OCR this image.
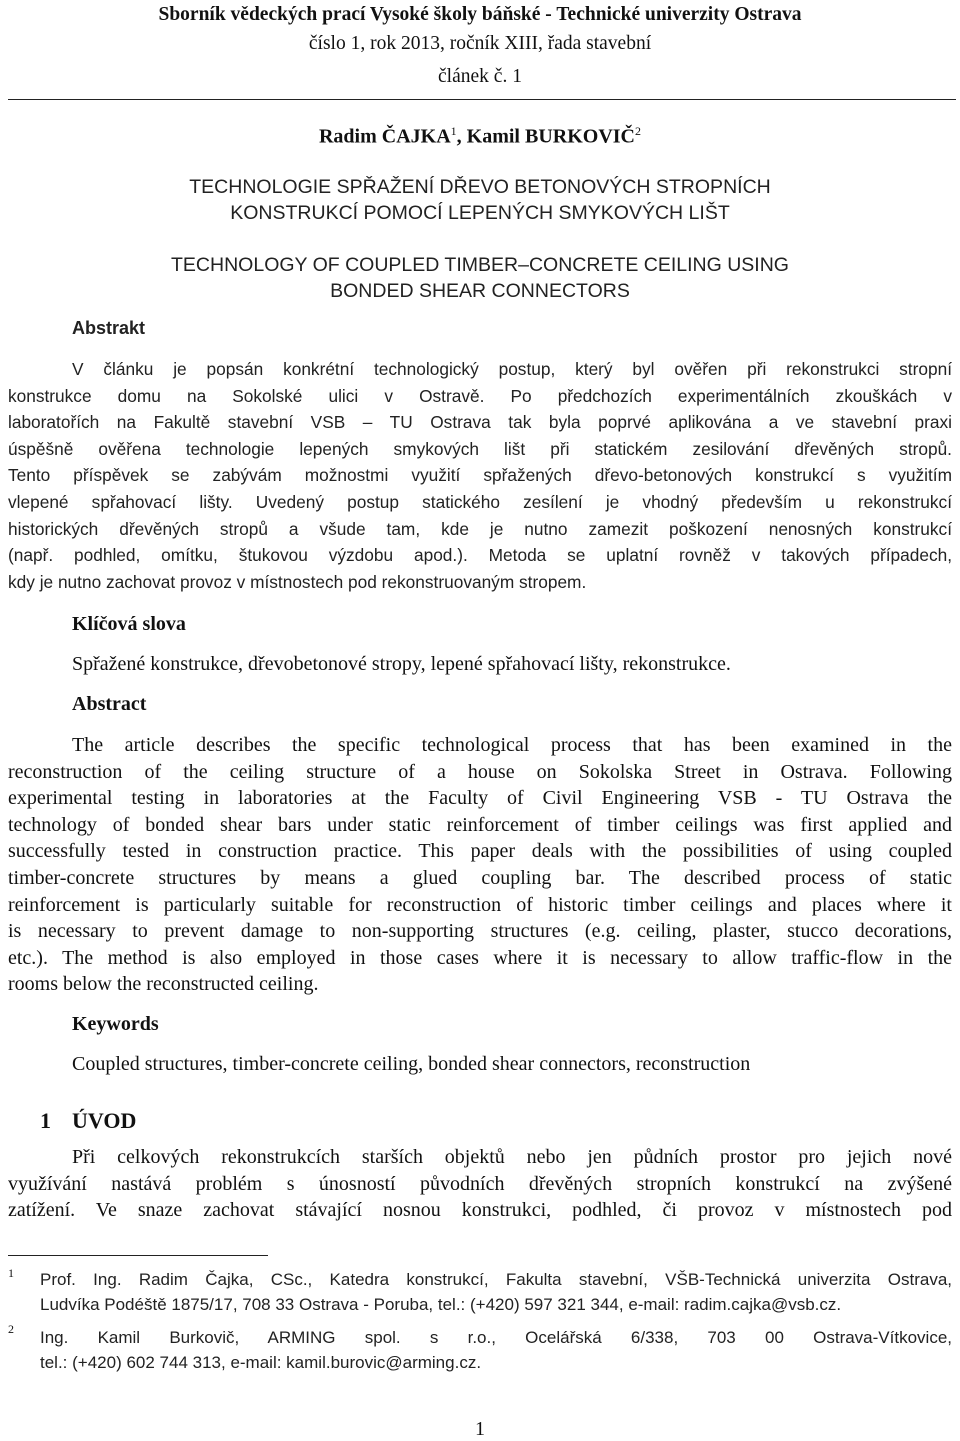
Sborník vědeckých prací Vysoké školy báňské - Technické univerzity Ostrava
číslo 1, rok 2013, ročník XIII, řada stavební
článek č. 1
Radim ČAJKA$^1$, Kamil BURKOVIČ$^2$
TECHNOLOGIE SPŘAŽENÍ DŘEVO BETONOVÝCH STROPNÍCH
KONSTRUKCÍ POMOCÍ LEPENÝCH SMYKOVÝCH LIŠT
TECHNOLOGY OF COUPLED TIMBER–CONCRETE CEILING USING
BONDED SHEAR CONNECTORS
Abstrakt
V článku je popsán konkrétní technologický postup, který byl ověřen při rekonstrukci stropní
konstrukce domu na Sokolské ulici v Ostravě. Po předchozích experimentálních zkouškách v
laboratořích na Fakultě stavební VSB – TU Ostrava tak byla poprvé aplikována a ve stavební praxi
úspěšně ověřena technologie lepených smykových lišt při statickém zesilování dřevěných stropů.
Tento příspěvek se zabývám možnostmi využití spřažených dřevo-betonových konstrukcí s využitím
vlepené spřahovací lišty. Uvedený postup statického zesílení je vhodný především u rekonstrukcí
historických dřevěných stropů a všude tam, kde je nutno zamezit poškození nenosných konstrukcí
(např. podhled, omítku, štukovou výzdobu apod.). Metoda se uplatní rovněž v takových případech,
kdy je nutno zachovat provoz v místnostech pod rekonstruovaným stropem.
Klíčová slova
Spřažené konstrukce, dřevobetonové stropy, lepené spřahovací lišty, rekonstrukce.
Abstract
The article describes the specific technological process that has been examined in the
reconstruction of the ceiling structure of a house on Sokolska Street in Ostrava. Following
experimental testing in laboratories at the Faculty of Civil Engineering VSB - TU Ostrava the
technology of bonded shear bars under static reinforcement of timber ceilings was first applied and
successfully tested in construction practice. This paper deals with the possibilities of using coupled
timber-concrete structures by means a glued coupling bar. The described process of static
reinforcement is particularly suitable for reconstruction of historic timber ceilings and places where it
is necessary to prevent damage to non-supporting structures (e.g. ceiling, plaster, stucco decorations,
etc.). The method is also employed in those cases where it is necessary to allow traffic-flow in the
rooms below the reconstructed ceiling.
Keywords
Coupled structures, timber-concrete ceiling, bonded shear connectors, reconstruction
1 ÚVOD
Při celkových rekonstrukcích starších objektů nebo jen půdních prostor pro jejich nové
využívání nastává problém s únosností původních dřevěných stropních konstrukcí na zvýšené
zatížení. Ve snaze zachovat stávající nosnou konstrukci, podhled, či provoz v místnostech pod
1 Prof. Ing. Radim Čajka, CSc., Katedra konstrukcí, Fakulta stavební, VŠB-Technická univerzita Ostrava,
Ludvíka Podéště 1875/17, 708 33 Ostrava - Poruba, tel.: (+420) 597 321 344, e-mail: radim.cajka@vsb.cz.
2 Ing. Kamil Burkovič, ARMING spol. s r.o., Ocelářská 6/338, 703 00 Ostrava-Vítkovice,
tel.: (+420) 602 744 313, e-mail: kamil.burovic@arming.cz.
1
